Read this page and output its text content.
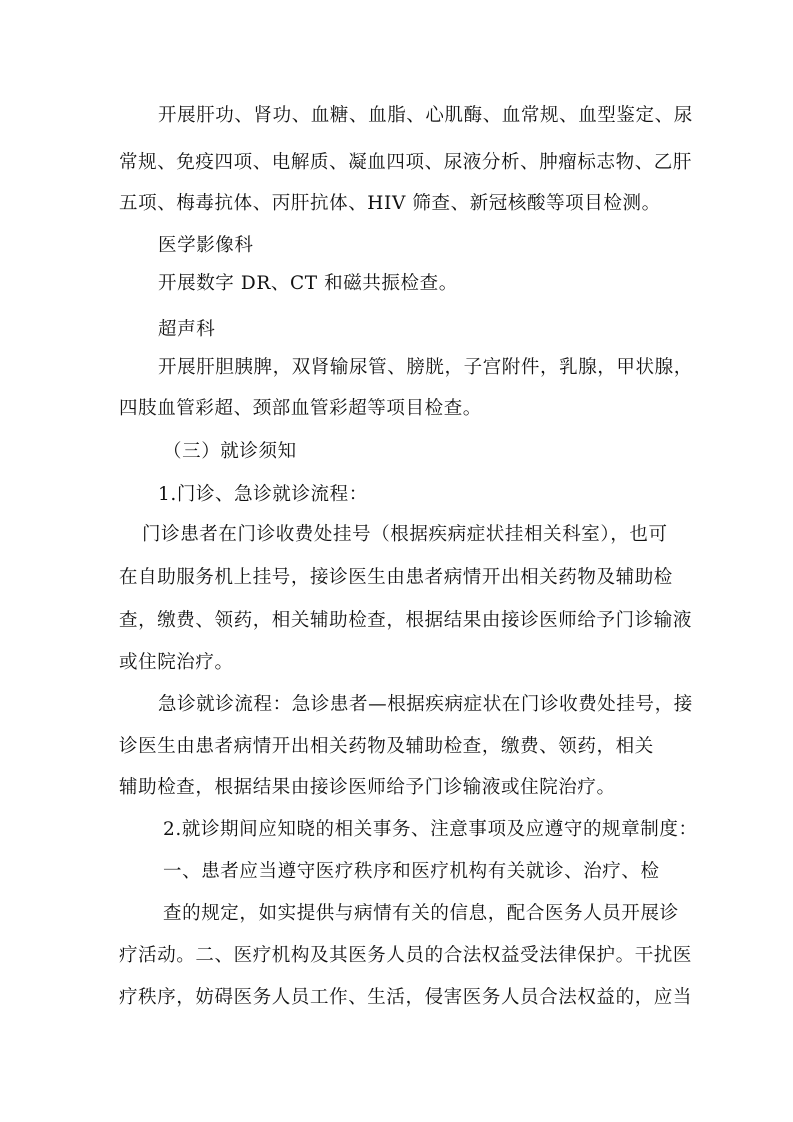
开展肝功、肾功、血糖、血脂、心肌酶、血常规、血型鉴定、尿
常规、免疫四项、电解质、凝血四项、尿液分析、肿瘤标志物、乙肝
五项、梅毒抗体、丙肝抗体、HIV 筛查、新冠核酸等项目检测。
医学影像科
开展数字 DR、CT 和磁共振检查。
超声科
开展肝胆胰脾，双肾输尿管、膀胱，子宫附件，乳腺，甲状腺，
四肢血管彩超、颈部血管彩超等项目检查。
（三）就诊须知
1.门诊、急诊就诊流程：
门诊患者在门诊收费处挂号（根据疾病症状挂相关科室），也可
在自助服务机上挂号，接诊医生由患者病情开出相关药物及辅助检
查，缴费、领药，相关辅助检查，根据结果由接诊医师给予门诊输液
或住院治疗。
急诊就诊流程：急诊患者—根据疾病症状在门诊收费处挂号，接
诊医生由患者病情开出相关药物及辅助检查，缴费、领药，相关
辅助检查，根据结果由接诊医师给予门诊输液或住院治疗。
2.就诊期间应知晓的相关事务、注意事项及应遵守的规章制度：
一、患者应当遵守医疗秩序和医疗机构有关就诊、治疗、检
查的规定，如实提供与病情有关的信息，配合医务人员开展诊
疗活动。二、医疗机构及其医务人员的合法权益受法律保护。干扰医
疗秩序，妨碍医务人员工作、生活，侵害医务人员合法权益的，应当
